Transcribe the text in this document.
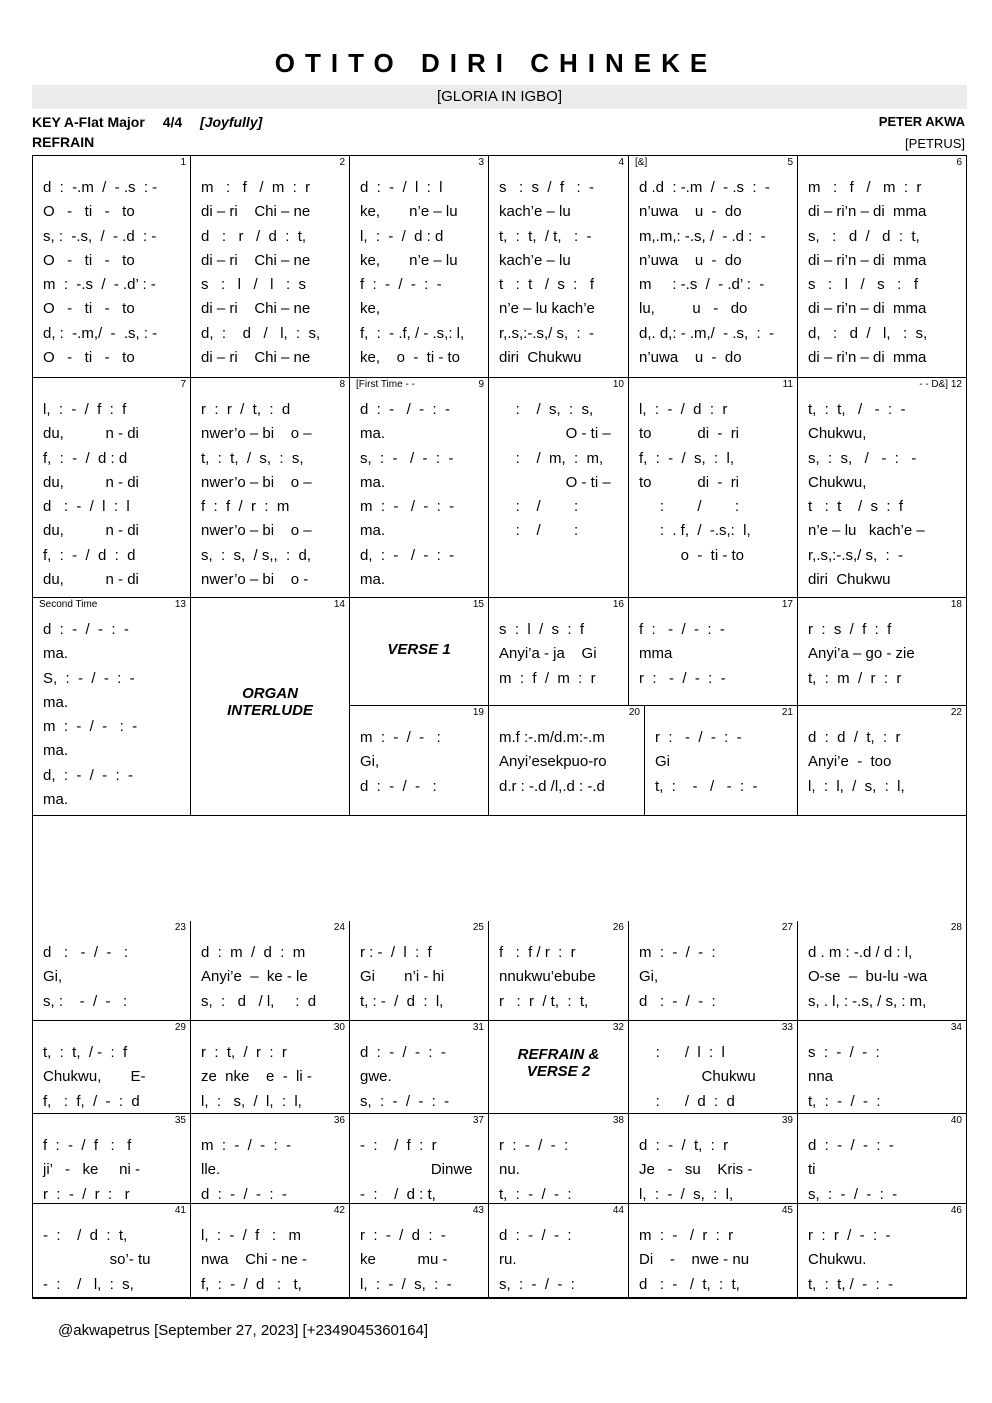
OTITO DIRI CHINEKE
[GLORIA IN IGBO]
KEY A-Flat Major 4/4 [Joyfully]
REFRAIN
PETER AKWA
[PETRUS]
1
d  :  -.m  /  - .s  : -
O   -   ti   -   to
s, :  -.s,  /  - .d  : -
O   -   ti   -   to
m  :  -.s  /  - .d’ : -
O   -   ti   -   to
d, :  -.m,/  -  .s, : -
O   -   ti   -   to
2
m   :   f   /  m  :  r
di – ri    Chi – ne
d   :   r   /  d  :  t,
di – ri    Chi – ne
s   :   l   /   l   :  s
di – ri    Chi – ne
d,  :    d   /   l,  :  s,
di – ri    Chi – ne
3
d  :  -  /  l  :  l
ke,       n’e – lu
l,  :  -  /  d : d
ke,       n’e – lu
f  :  -  /  -  :  -
ke,
f,  :  - .f, / - .s,: l,
ke,    o  -  ti - to
4
s   :  s  /  f   :  -
kach’e – lu
t,  :  t,  / t,   :  -
kach’e – lu
t   :  t   /  s  :   f
n’e – lu kach’e
r,.s,:-.s,/ s,  :  -
diri  Chukwu
5
[&]
d .d  : -.m  /  - .s  :  -
n’uwa    u  -  do
m,.m,: -.s, /  - .d :  -
n’uwa    u  -  do
m     : -.s  /  - .d’ :  -
lu,         u   -   do
d,. d,: - .m,/  - .s,  :  -
n’uwa    u  -  do
6
m   :   f   /   m  :  r
di – ri’n – di  mma
s,   :   d  /   d  :  t,
di – ri’n – di  mma
s   :   l   /   s   :   f
di – ri’n – di  mma
d,   :   d  /   l,   :  s,
di – ri’n – di  mma
7
l,  :  -  /  f  :  f
du,          n - di
f,  :  -  /  d : d
du,          n - di
d   :  -  /  l  :  l
du,          n - di
f,  :  -  /  d  :  d
du,          n - di
8
r  :  r  /  t,  :  d
nwer’o – bi    o –
t,  :  t,  /  s,  :  s,
nwer’o – bi    o –
f  :  f  /  r  :  m
nwer’o – bi    o –
s,  :  s,  / s,,  :  d,
nwer’o – bi    o -
9
[First Time - -
d  :  -   /  -  :  -
ma.
s,  :  -   /  -  :  -
ma.
m  :  -   /  -  :  -
ma.
d,  :  -   /  -  :  -
ma.
10
:    /  s,  :  s,
O - ti –
:    /  m,  :  m,
O - ti –
:    /        :
:    /        :
11
l,  :  -  /  d  :  r
to           di  -  ri
f,  :  -  /  s,  :  l,
to           di  -  ri
:        /        :
:  . f,  /  -.s,:  l,
o  -  ti - to
- - D&] 12
t,  :  t,   /   -  :  -
Chukwu,
s,  :  s,   /   -  :   -
Chukwu,
t   :  t    /  s  :  f
n’e – lu   kach’e –
r,.s,:-.s,/ s,  :  -
diri  Chukwu
13
Second Time
d  :  -  /  -  :  -
ma.
S,  :  -  /  -  :  -
ma.
m  :  -  /  -   :  -
ma.
d,  :  -  /  -  :  -
ma.
14
ORGAN
INTERLUDE
15
VERSE 1
16
s  :  l  /  s  :  f
Anyi’a - ja    Gi
m  :  f  /  m  :  r
17
f  :   -  /  -  :  -
mma
r  :   -  /  -  :  -
18
r  :  s  /  f  :  f
Anyi’a – go - zie
t,  :  m  /  r  :  r
19
m  :  -  /  -   :
Gi,
d  :  -  /  -   :
20
m.f :-.m/d.m:-.m
Anyi’esekpuo-ro
d.r : -.d /l,.d : -.d
21
r  :   -  /  -  :  -
Gi
t,  :    -   /   -  :  -
22
d  :  d  /  t,  :  r
Anyi’e  -  too
l,  :  l,  /  s,  :  l,
23
d   :   -  /  -   :
Gi,
s, :    -  /  -   :
24
d  :  m  /  d  :  m
Anyi’e  –  ke - le
s,  :   d   / l,     :  d
25
r : -  /  l  :  f
Gi       n’i - hi
t, : -  /  d  :  l,
26
f   :  f / r  :  r
nnukwu’ebube
r   :  r  / t,  :  t,
27
m  :  -  /  -  :
Gi,
d   :  -  /  -  :
28
d . m : -.d / d : l,
O-se  –  bu-lu -wa
s, . l, : -.s, / s, : m,
29
t,  :  t,  / -  :  f
Chukwu,       E-
f,   :  f,  /  -  :  d
30
r  :  t,  /  r  :  r
ze  nke    e  -  li -
l,  :   s,  /  l,  :  l,
31
d  :  -  /  -  :  -
gwe.
s,  :  -  /  -  :  -
32
REFRAIN &
VERSE 2
33
:      /  l  :  l
Chukwu
:      /  d  :  d
34
s  :  -  /  -  :
nna
t,  :  -  /  -  :
35
f  :  -  /  f   :   f
ji’   -   ke     ni -
r  :  -  /  r  :   r
36
m  :  -  /  -  :  -
lle.
d  :  -  /  -  :  -
37
-  :    /  f  :  r
Dinwe
-  :    /  d : t,
38
r  :  -  /  -  :
nu.
t,  :  -  /  -  :
39
d  :  -  /  t,  :  r
Je   -   su    Kris -
l,  :  -  /  s,  :  l,
40
d  :  -  /  -  :  -
ti
s,  :  -  /  -  :  -
41
-  :    /  d  :  t,
so’- tu
-  :    /   l,  :  s,
42
l,  :  -  /  f   :   m
nwa    Chi - ne -
f,  :  -  /  d   :   t,
43
r  :  -  /  d  :  -
ke          mu -
l,  :  -  /  s,  :  -
44
d  :  -  /  -  :
ru.
s,  :  -  /  -  :
45
m  :  -   /  r  :  r
Di    -    nwe - nu
d   :  -   /  t,  :  t,
46
r  :  r  /  -  :  -
Chukwu.
t,  :  t, /  -  :  -
@akwapetrus [September 27, 2023] [+2349045360164]
